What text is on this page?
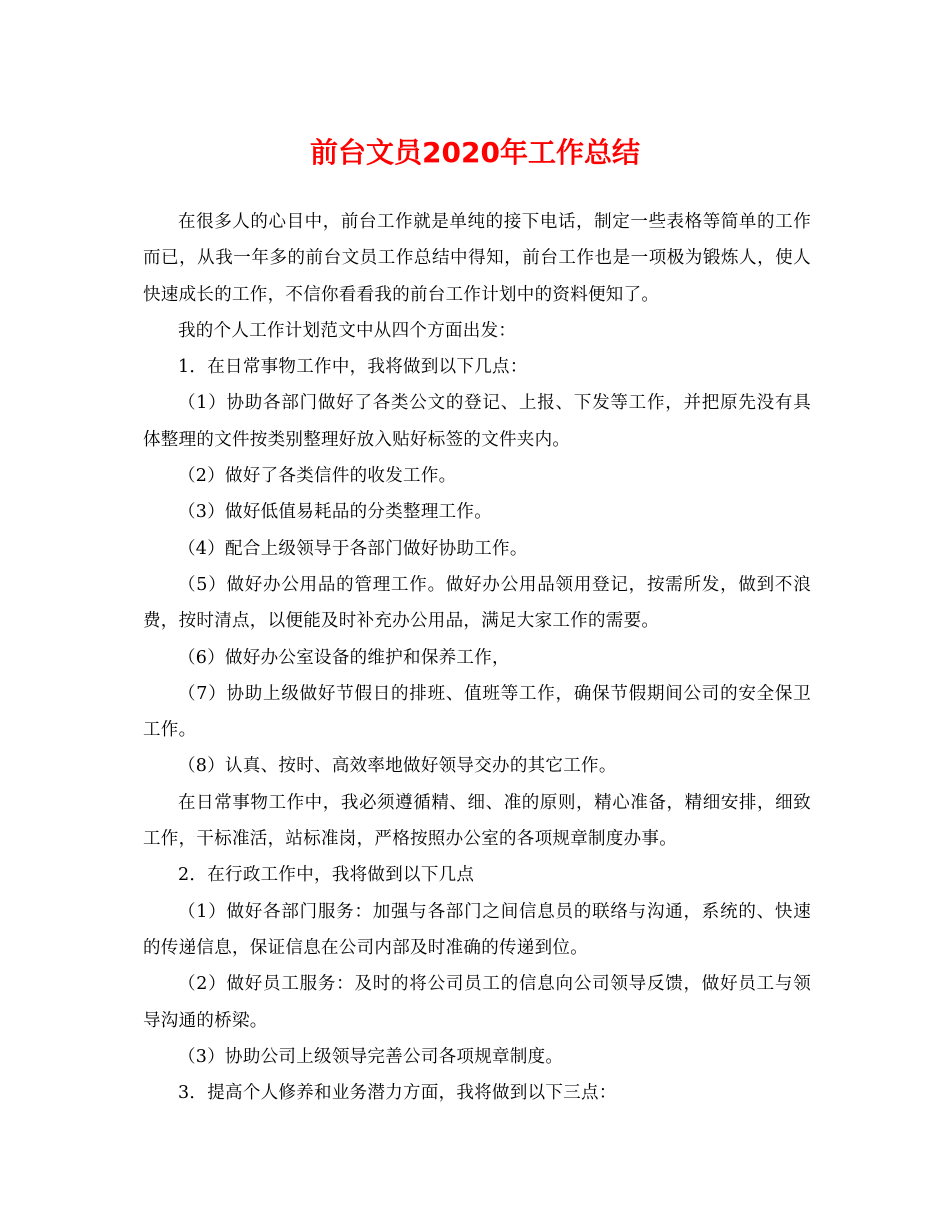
前台文员2020年工作总结

在很多人的心目中，前台工作就是单纯的接下电话，制定一些表格等简单的工作而已，从我一年多的前台文员工作总结中得知，前台工作也是一项极为锻炼人，使人快速成长的工作，不信你看看我的前台工作计划中的资料便知了。

我的个人工作计划范文中从四个方面出发：

1．在日常事物工作中，我将做到以下几点：

（1）协助各部门做好了各类公文的登记、上报、下发等工作，并把原先没有具体整理的文件按类别整理好放入贴好标签的文件夹内。

（2）做好了各类信件的收发工作。

（3）做好低值易耗品的分类整理工作。

（4）配合上级领导于各部门做好协助工作。

（5）做好办公用品的管理工作。做好办公用品领用登记，按需所发，做到不浪费，按时清点，以便能及时补充办公用品，满足大家工作的需要。

（6）做好办公室设备的维护和保养工作，

（7）协助上级做好节假日的排班、值班等工作，确保节假期间公司的安全保卫工作。

（8）认真、按时、高效率地做好领导交办的其它工作。

在日常事物工作中，我必须遵循精、细、准的原则，精心准备，精细安排，细致工作，干标准活，站标准岗，严格按照办公室的各项规章制度办事。

2．在行政工作中，我将做到以下几点

（1）做好各部门服务：加强与各部门之间信息员的联络与沟通，系统的、快速的传递信息，保证信息在公司内部及时准确的传递到位。

（2）做好员工服务：及时的将公司员工的信息向公司领导反馈，做好员工与领导沟通的桥梁。

（3）协助公司上级领导完善公司各项规章制度。

3．提高个人修养和业务潜力方面，我将做到以下三点：
